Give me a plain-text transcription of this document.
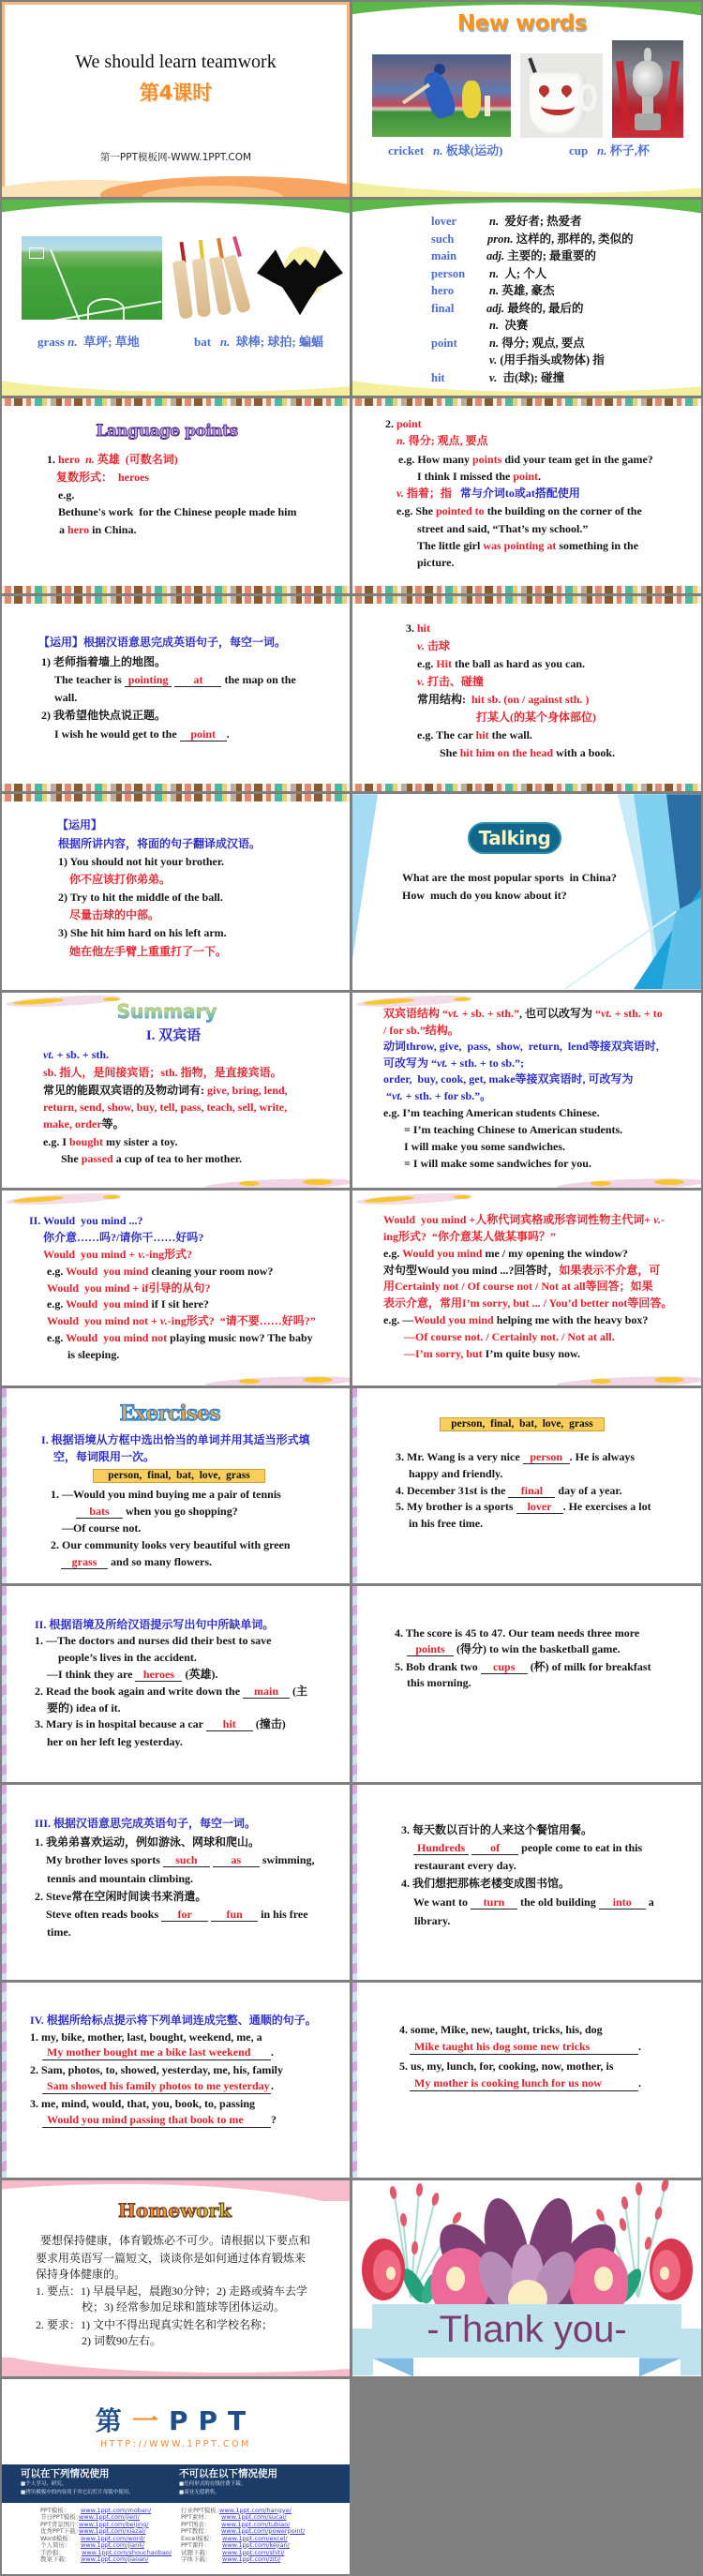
We should learn teamwork
第4课时
第一PPT模板网-WWW.1PPT.COM
New words
cricket n. 板球(运动)	cup n. 杯子,杯
grass n.  草坪; 草地	bat   n.  球棒; 球拍; 蝙蝠
lover	n.  爱好者; 热爱者
such	pron. 这样的, 那样的, 类似的
main	adj. 主要的; 最重要的
person n.  人; 个人
hero	n. 英雄, 豪杰
final	adj. 最终的, 最后的
n.  决赛
point	n. 得分; 观点, 要点
v. (用手指头或物体) 指
hit	v.  击(球); 碰撞
Language points
1. hero  n. 英雄  (可数名词)
复数形式：  heroes
e.g.
Bethune's work  for the Chinese people made him
a hero in China.
2. point
n. 得分; 观点, 要点
e.g. How many points did your team get in the game?
I think I missed the point.
v. 指着；指   常与介词to或at搭配使用
e.g. She pointed to the building on the corner of the
street and said, “That’s my school.”
The little girl was pointing at something in the
picture.
【运用】根据汉语意思完成英语句子，每空一词。
1) 老师指着墙上的地图。
The teacher is pointing at the map on the
wall.
2) 我希望他快点说正题。
I wish he would get to the point .
3. hit
v. 击球
e.g. Hit the ball as hard as you can.
v. 打击、碰撞
常用结构:  hit sb. (on / against sth. )
打某人(的某个身体部位)
e.g. The car hit the wall.
She hit him on the head with a book.
【运用】
根据所讲内容，将面的句子翻译成汉语。
1) You should not hit your brother.
你不应该打你弟弟。
2) Try to hit the middle of the ball.
尽量击球的中部。
3) She hit him hard on his left arm.
她在他左手臂上重重打了一下。
Talking
What are the most popular sports  in China?
How  much do you know about it?
Summary
I. 双宾语
vt. + sb. + sth.
sb. 指人，是间接宾语；sth. 指物，是直接宾语。
常见的能跟双宾语的及物动词有: give, bring, lend,
return, send, show, buy, tell, pass, teach, sell, write,
make, order等。
e.g. I bought my sister a toy.
She passed a cup of tea to her mother.
双宾语结构 “vt. + sb. + sth.”, 也可以改写为 “vt. + sth. + to
/ for sb.”结构。
动词throw, give,  pass,  show,  return,  lend等接双宾语时,
可改写为 “vt. + sth. + to sb.”;
order,  buy, cook, get, make等接双宾语时, 可改写为
“vt. + sth. + for sb.”。
e.g. I’m teaching American students Chinese.
= I’m teaching Chinese to American students.
I will make you some sandwiches.
= I will make some sandwiches for you.
II. Would  you mind ...?
你介意……吗?/请你干……好吗?
Would  you mind + v.-ing形式?
e.g. Would  you mind cleaning your room now?
Would  you mind + if引导的从句?
e.g. Would  you mind if I sit here?
Would  you mind not + v.-ing形式?  “请不要……好吗?”
e.g. Would  you mind not playing music now? The baby
is sleeping.
Would  you mind +人称代词宾格或形容词性物主代词+ v.-
ing形式?  “你介意某人做某事吗？”
e.g. Would you mind me / my opening the window?
对句型Would you mind ...?回答时，如果表示不介意，可
用Certainly not / Of course not / Not at all等回答；如果
表示介意，常用I’m sorry, but ... / You’d better not等回答。
e.g. —Would you mind helping me with the heavy box?
—Of course not. / Certainly not. / Not at all.
—I’m sorry, but I’m quite busy now.
Exercises
I. 根据语境从方框中选出恰当的单词并用其适当形式填
空，每词限用一次。
person,  final,  bat,  love,  grass
1. —Would you mind buying me a pair of tennis
bats when you go shopping?
—Of course not.
2. Our community looks very beautiful with green
grass and so many flowers.
person,  final,  bat,  love,  grass
3. Mr. Wang is a very nice person . He is always
happy and friendly.
4. December 31st is the final day of a year.
5. My brother is a sports lover . He exercises a lot
in his free time.
II. 根据语境及所给汉语提示写出句中所缺单词。
1. —The doctors and nurses did their best to save
people’s lives in the accident.
—I think they are heroes (英雄).
2. Read the book again and write down the main (主
要的) idea of it.
3. Mary is in hospital because a car hit (撞击)
her on her left leg yesterday.
4. The score is 45 to 47. Our team needs three more
points (得分) to win the basketball game.
5. Bob drank two cups (杯) of milk for breakfast
this morning.
III. 根据汉语意思完成英语句子，每空一词。
1. 我弟弟喜欢运动，例如游泳、网球和爬山。
My brother loves sports such	as swimming,
tennis and mountain climbing.
2. Steve常在空闲时间读书来消遣。
Steve often reads books for	fun in his free
time.
3. 每天数以百计的人来这个餐馆用餐。
Hundreds of people come to eat in this
restaurant every day.
4. 我们想把那栋老楼变成图书馆。
We want to turn the old building into a
library.
IV. 根据所给标点提示将下列单词连成完整、通顺的句子。
1. my, bike, mother, last, bought, weekend, me, a
My mother bought me a bike last weekend .
2. Sam, photos, to, showed, yesterday, me, his, family
Sam showed his family photos to me yesterday.
3. me, mind, would, that, you, book, to, passing
Would you mind passing that book to me ?
4. some, Mike, new, taught, tricks, his, dog
Mike taught his dog some new tricks	.
5. us, my, lunch, for, cooking, now, mother, is
My mother is cooking lunch for us now	.
Homework
要想保持健康，体育锻炼必不可少。请根据以下要点和
要求用英语写一篇短文，谈谈你是如何通过体育锻炼来
保持身体健康的。
1. 要点：1) 早晨早起，晨跑30分钟；2) 走路或骑车去学
校；3) 经常参加足球和篮球等团体运动。
2. 要求：1) 文中不得出现真实姓名和学校名称；
2) 词数90左右。	-Thank you-
第一PPT
HTTP://WWW.1PPT.COM
可以在下列情况使用
■个人学习、研究。
■拷贝模板中的内容用于其它幻灯片母版中使用。
不可以在以下情况使用
■任何形式的在线付费下载。
■商业无偿销售。
PPT模板： www.1ppt.com/moban/
节日PPT模板：
www.1ppt.com/jieri/
PPT背景图片：
www.1ppt.com/beijing/
优秀PPT下载：
www.1ppt.com/xiazai/
Word模板： www.1ppt.com/word/
个人简历： www.1ppt.com/jianli/
手抄报：	www.1ppt.com/shouchaobao/
教案下载： www.1ppt.com/jiaoan/
行业PPT模板：
www.1ppt.com/hangye/
PPT素材： www.1ppt.com/sucai/
PPT图表： www.1ppt.com/tubiao/
PPT教程： www.1ppt.com/powerpoint/
Excel模板： www.1ppt.com/excel/
PPT课件： www.1ppt.com/kejian/
试题下载： www.1ppt.com/shiti/
字体下载： www.1ppt.com/ziti/
